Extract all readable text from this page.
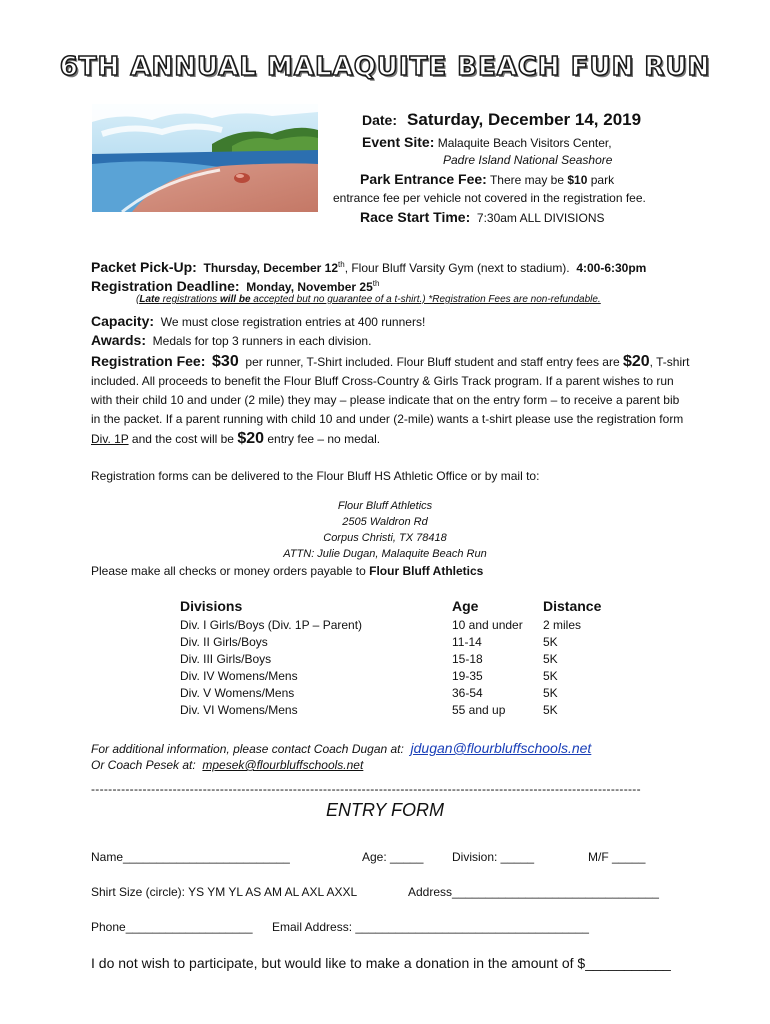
6TH ANNUAL MALAQUITE BEACH FUN RUN
Date: Saturday, December 14, 2019
Event Site: Malaquite Beach Visitors Center,
Padre Island National Seashore
Park Entrance Fee: There may be $10 park
entrance fee per vehicle not covered in the registration fee.
Race Start Time: 7:30am ALL DIVISIONS
Packet Pick-Up: Thursday, December 12th, Flour Bluff Varsity Gym (next to stadium). 4:00-6:30pm
Registration Deadline: Monday, November 25th
(Late registrations will be accepted but no guarantee of a t-shirt.) *Registration Fees are non-refundable.
Capacity: We must close registration entries at 400 runners!
Awards: Medals for top 3 runners in each division.
Registration Fee: $30 per runner, T-Shirt included. Flour Bluff student and staff entry fees are $20, T-shirt included. All proceeds to benefit the Flour Bluff Cross-Country & Girls Track program. If a parent wishes to run with their child 10 and under (2 mile) they may – please indicate that on the entry form – to receive a parent bib in the packet. If a parent running with child 10 and under (2-mile) wants a t-shirt please use the registration form Div. 1P and the cost will be $20 entry fee – no medal.
Registration forms can be delivered to the Flour Bluff HS Athletic Office or by mail to:
Flour Bluff Athletics
2505 Waldron Rd
Corpus Christi, TX 78418
ATTN: Julie Dugan, Malaquite Beach Run
Please make all checks or money orders payable to Flour Bluff Athletics
Divisions	Age	Distance
Div. I Girls/Boys (Div. 1P – Parent)	10 and under	2 miles
Div. II Girls/Boys	11-14	5K
Div. III Girls/Boys	15-18	5K
Div. IV Womens/Mens	19-35	5K
Div. V Womens/Mens	36-54	5K
Div. VI Womens/Mens	55 and up	5K
For additional information, please contact Coach Dugan at: jdugan@flourbluffschools.net
Or Coach Pesek at: mpesek@flourbluffschools.net
--------------------------------------------------------------------------------------------------------------------------------
ENTRY FORM
Name_________________________	Age: _____ Division: _____	M/F _____
Shirt Size (circle): YS YM YL AS AM AL AXL AXXL	Address_______________________________
Phone___________________ Email Address: ___________________________________
I do not wish to participate, but would like to make a donation in the amount of $___________
